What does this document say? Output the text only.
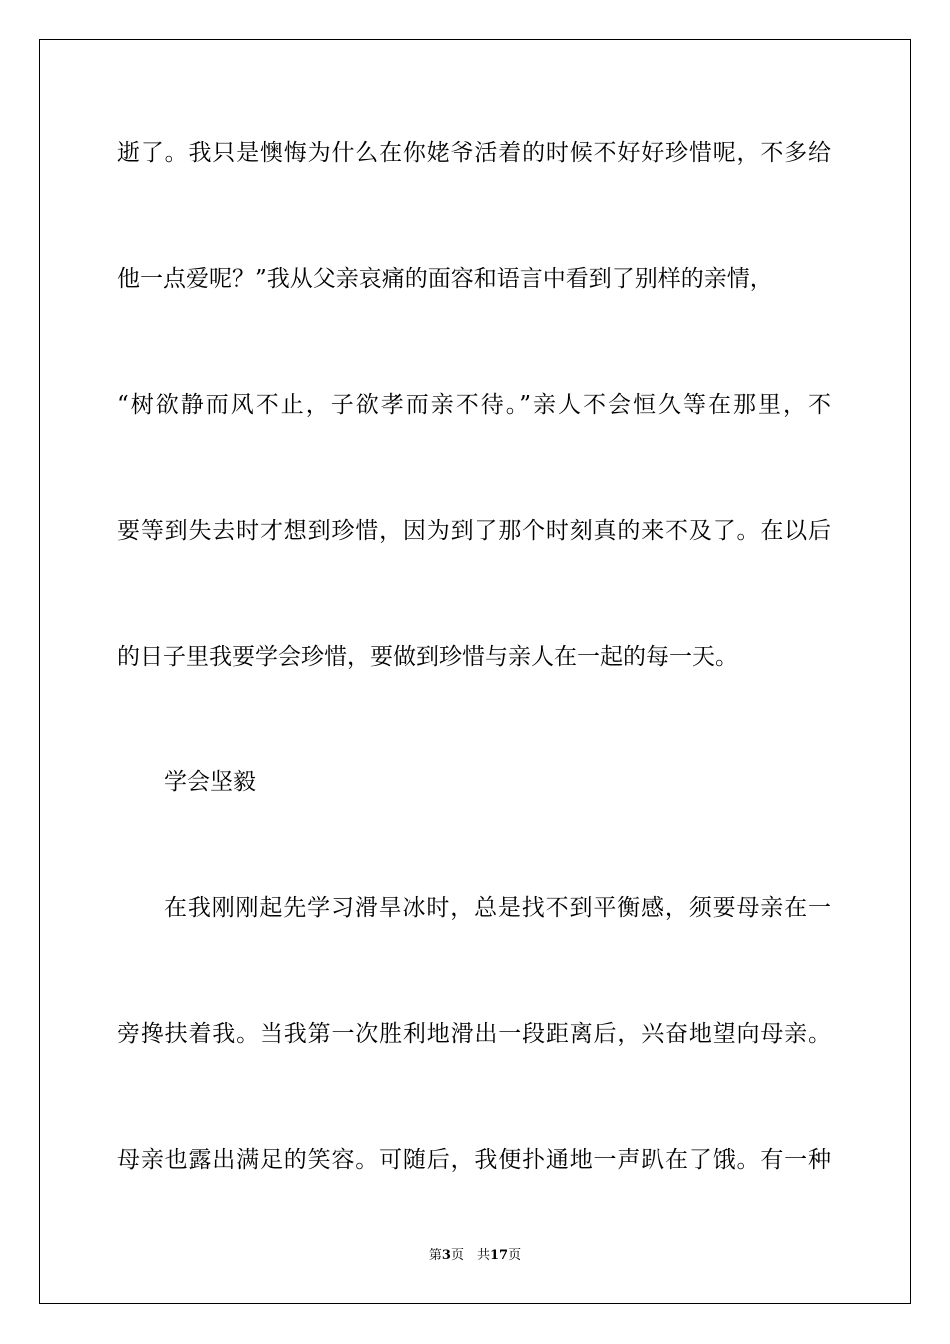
逝了。我只是懊悔为什么在你姥爷活着的时候不好好珍惜呢，不多给
他一点爱呢？”我从父亲哀痛的面容和语言中看到了别样的亲情，
“树欲静而风不止，子欲孝而亲不待。”亲人不会恒久等在那里，不
要等到失去时才想到珍惜，因为到了那个时刻真的来不及了。在以后
的日子里我要学会珍惜，要做到珍惜与亲人在一起的每一天。
学会坚毅
在我刚刚起先学习滑旱冰时，总是找不到平衡感，须要母亲在一
旁搀扶着我。当我第一次胜利地滑出一段距离后，兴奋地望向母亲。
母亲也露出满足的笑容。可随后，我便扑通地一声趴在了饿。有一种
第3页　共17页
